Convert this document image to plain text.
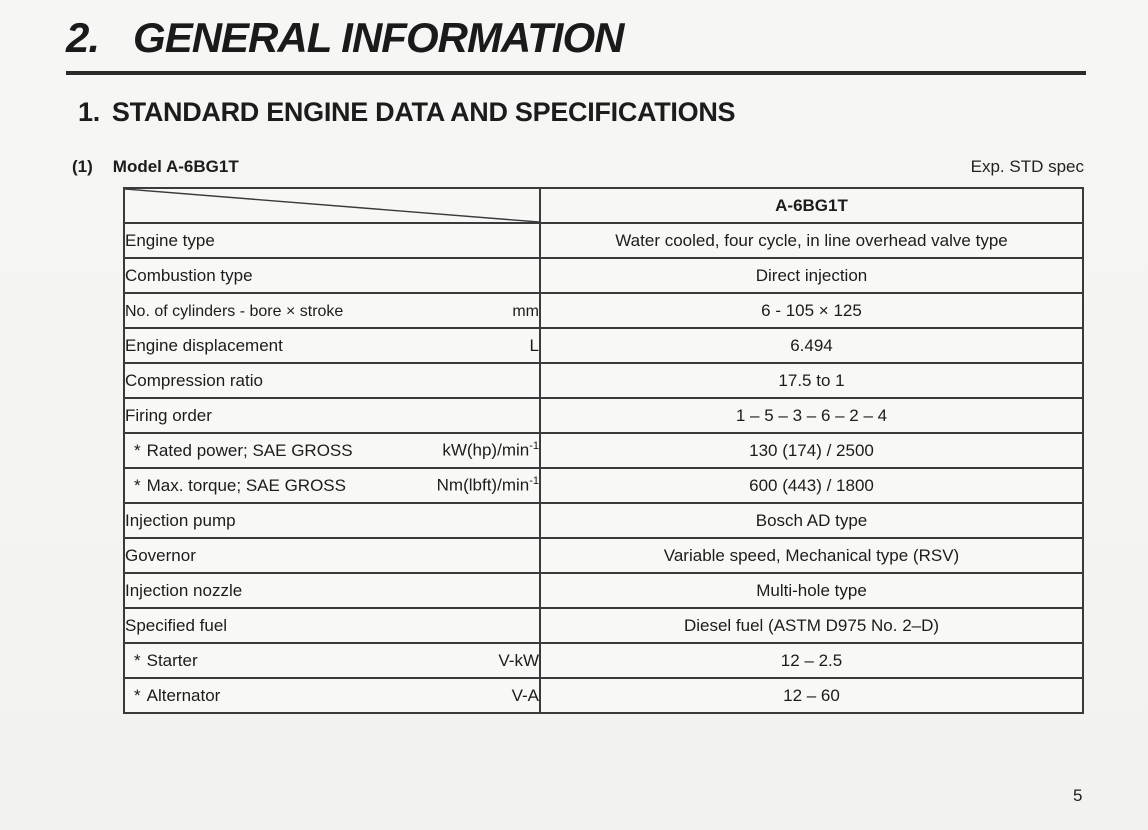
2. GENERAL INFORMATION
1. STANDARD ENGINE DATA AND SPECIFICATIONS
(1) Model A-6BG1T	Exp. STD spec
	A-6BG1T

Engine type	Water cooled, four cycle, in line overhead valve type

Combustion type	Direct injection

No. of cylinders - bore × stroke mm	6 - 105 × 125

Engine displacement L	6.494

Compression ratio	17.5 to 1

Firing order	1 – 5 – 3 – 6 – 2 – 4

* Rated power; SAE GROSS $kW(hp)/\min^{-1}$	130 (174) / 2500

* Max. torque; SAE GROSS $Nm(lbft)/\min^{-1}$	600 (443) / 1800

Injection pump	Bosch AD type

Governor	Variable speed, Mechanical type (RSV)

Injection nozzle	Multi-hole type

Specified fuel	Diesel fuel (ASTM D975 No. 2–D)

* Starter V-kW	12 – 2.5

* Alternator V-A	12 – 60
5
